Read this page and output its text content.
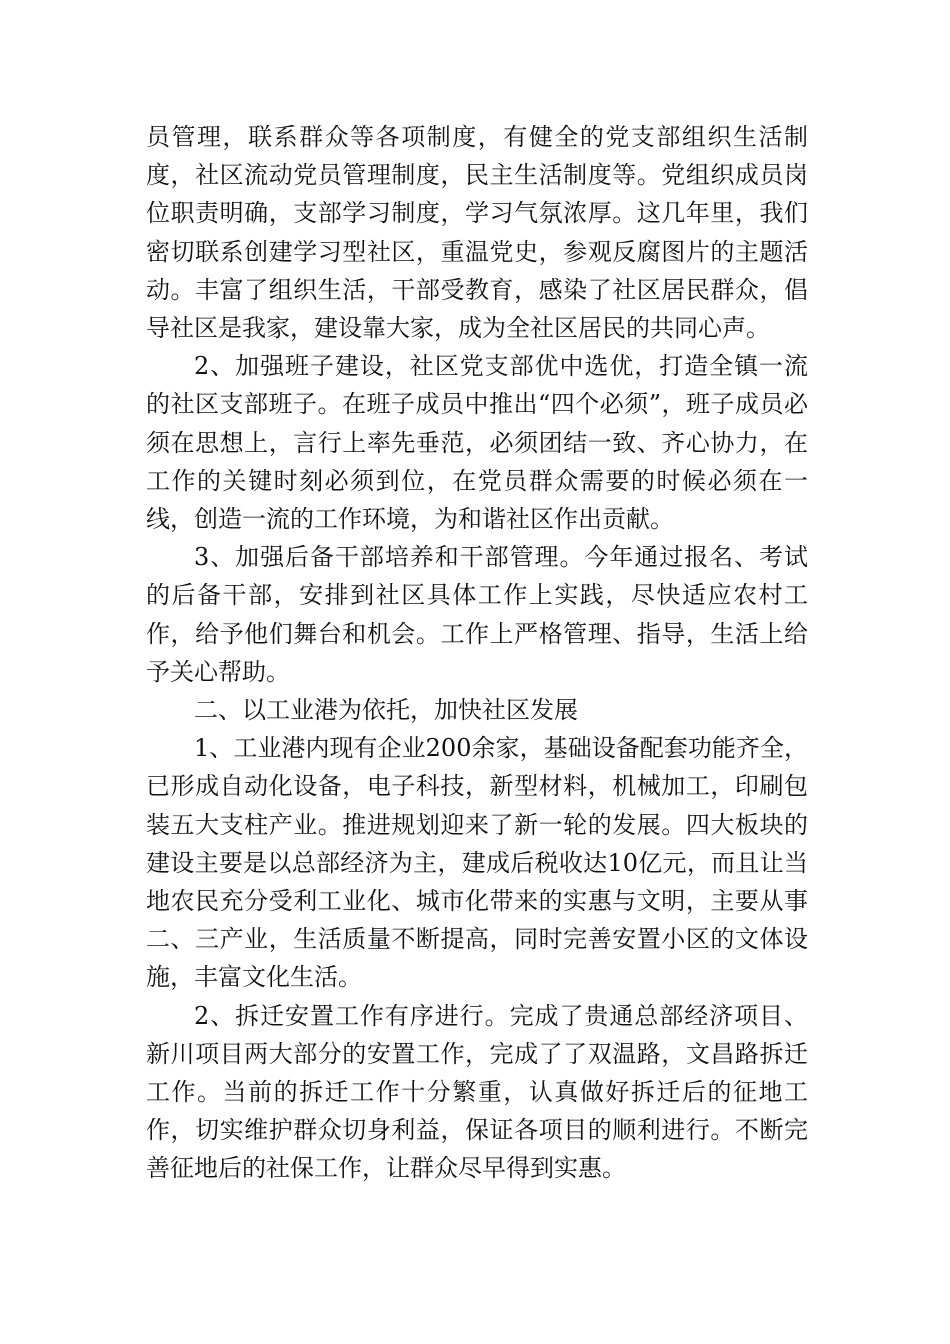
员管理，联系群众等各项制度，有健全的党支部组织生活制度，社区流动党员管理制度，民主生活制度等。党组织成员岗位职责明确，支部学习制度，学习气氛浓厚。这几年里，我们密切联系创建学习型社区，重温党史，参观反腐图片的主题活动。丰富了组织生活，干部受教育，感染了社区居民群众，倡导社区是我家，建设靠大家，成为全社区居民的共同心声。

2、加强班子建设，社区党支部优中选优，打造全镇一流的社区支部班子。在班子成员中推出“四个必须”，班子成员必须在思想上，言行上率先垂范，必须团结一致、齐心协力，在工作的关键时刻必须到位，在党员群众需要的时候必须在一线，创造一流的工作环境，为和谐社区作出贡献。

3、加强后备干部培养和干部管理。今年通过报名、考试的后备干部，安排到社区具体工作上实践，尽快适应农村工作，给予他们舞台和机会。工作上严格管理、指导，生活上给予关心帮助。

二、以工业港为依托，加快社区发展

1、工业港内现有企业200余家，基础设备配套功能齐全，已形成自动化设备，电子科技，新型材料，机械加工，印刷包装五大支柱产业。推进规划迎来了新一轮的发展。四大板块的建设主要是以总部经济为主，建成后税收达10亿元，而且让当地农民充分受利工业化、城市化带来的实惠与文明，主要从事二、三产业，生活质量不断提高，同时完善安置小区的文体设施，丰富文化生活。

2、拆迁安置工作有序进行。完成了贵通总部经济项目、新川项目两大部分的安置工作，完成了了双温路，文昌路拆迁工作。当前的拆迁工作十分繁重，认真做好拆迁后的征地工作，切实维护群众切身利益，保证各项目的顺利进行。不断完善征地后的社保工作，让群众尽早得到实惠。
